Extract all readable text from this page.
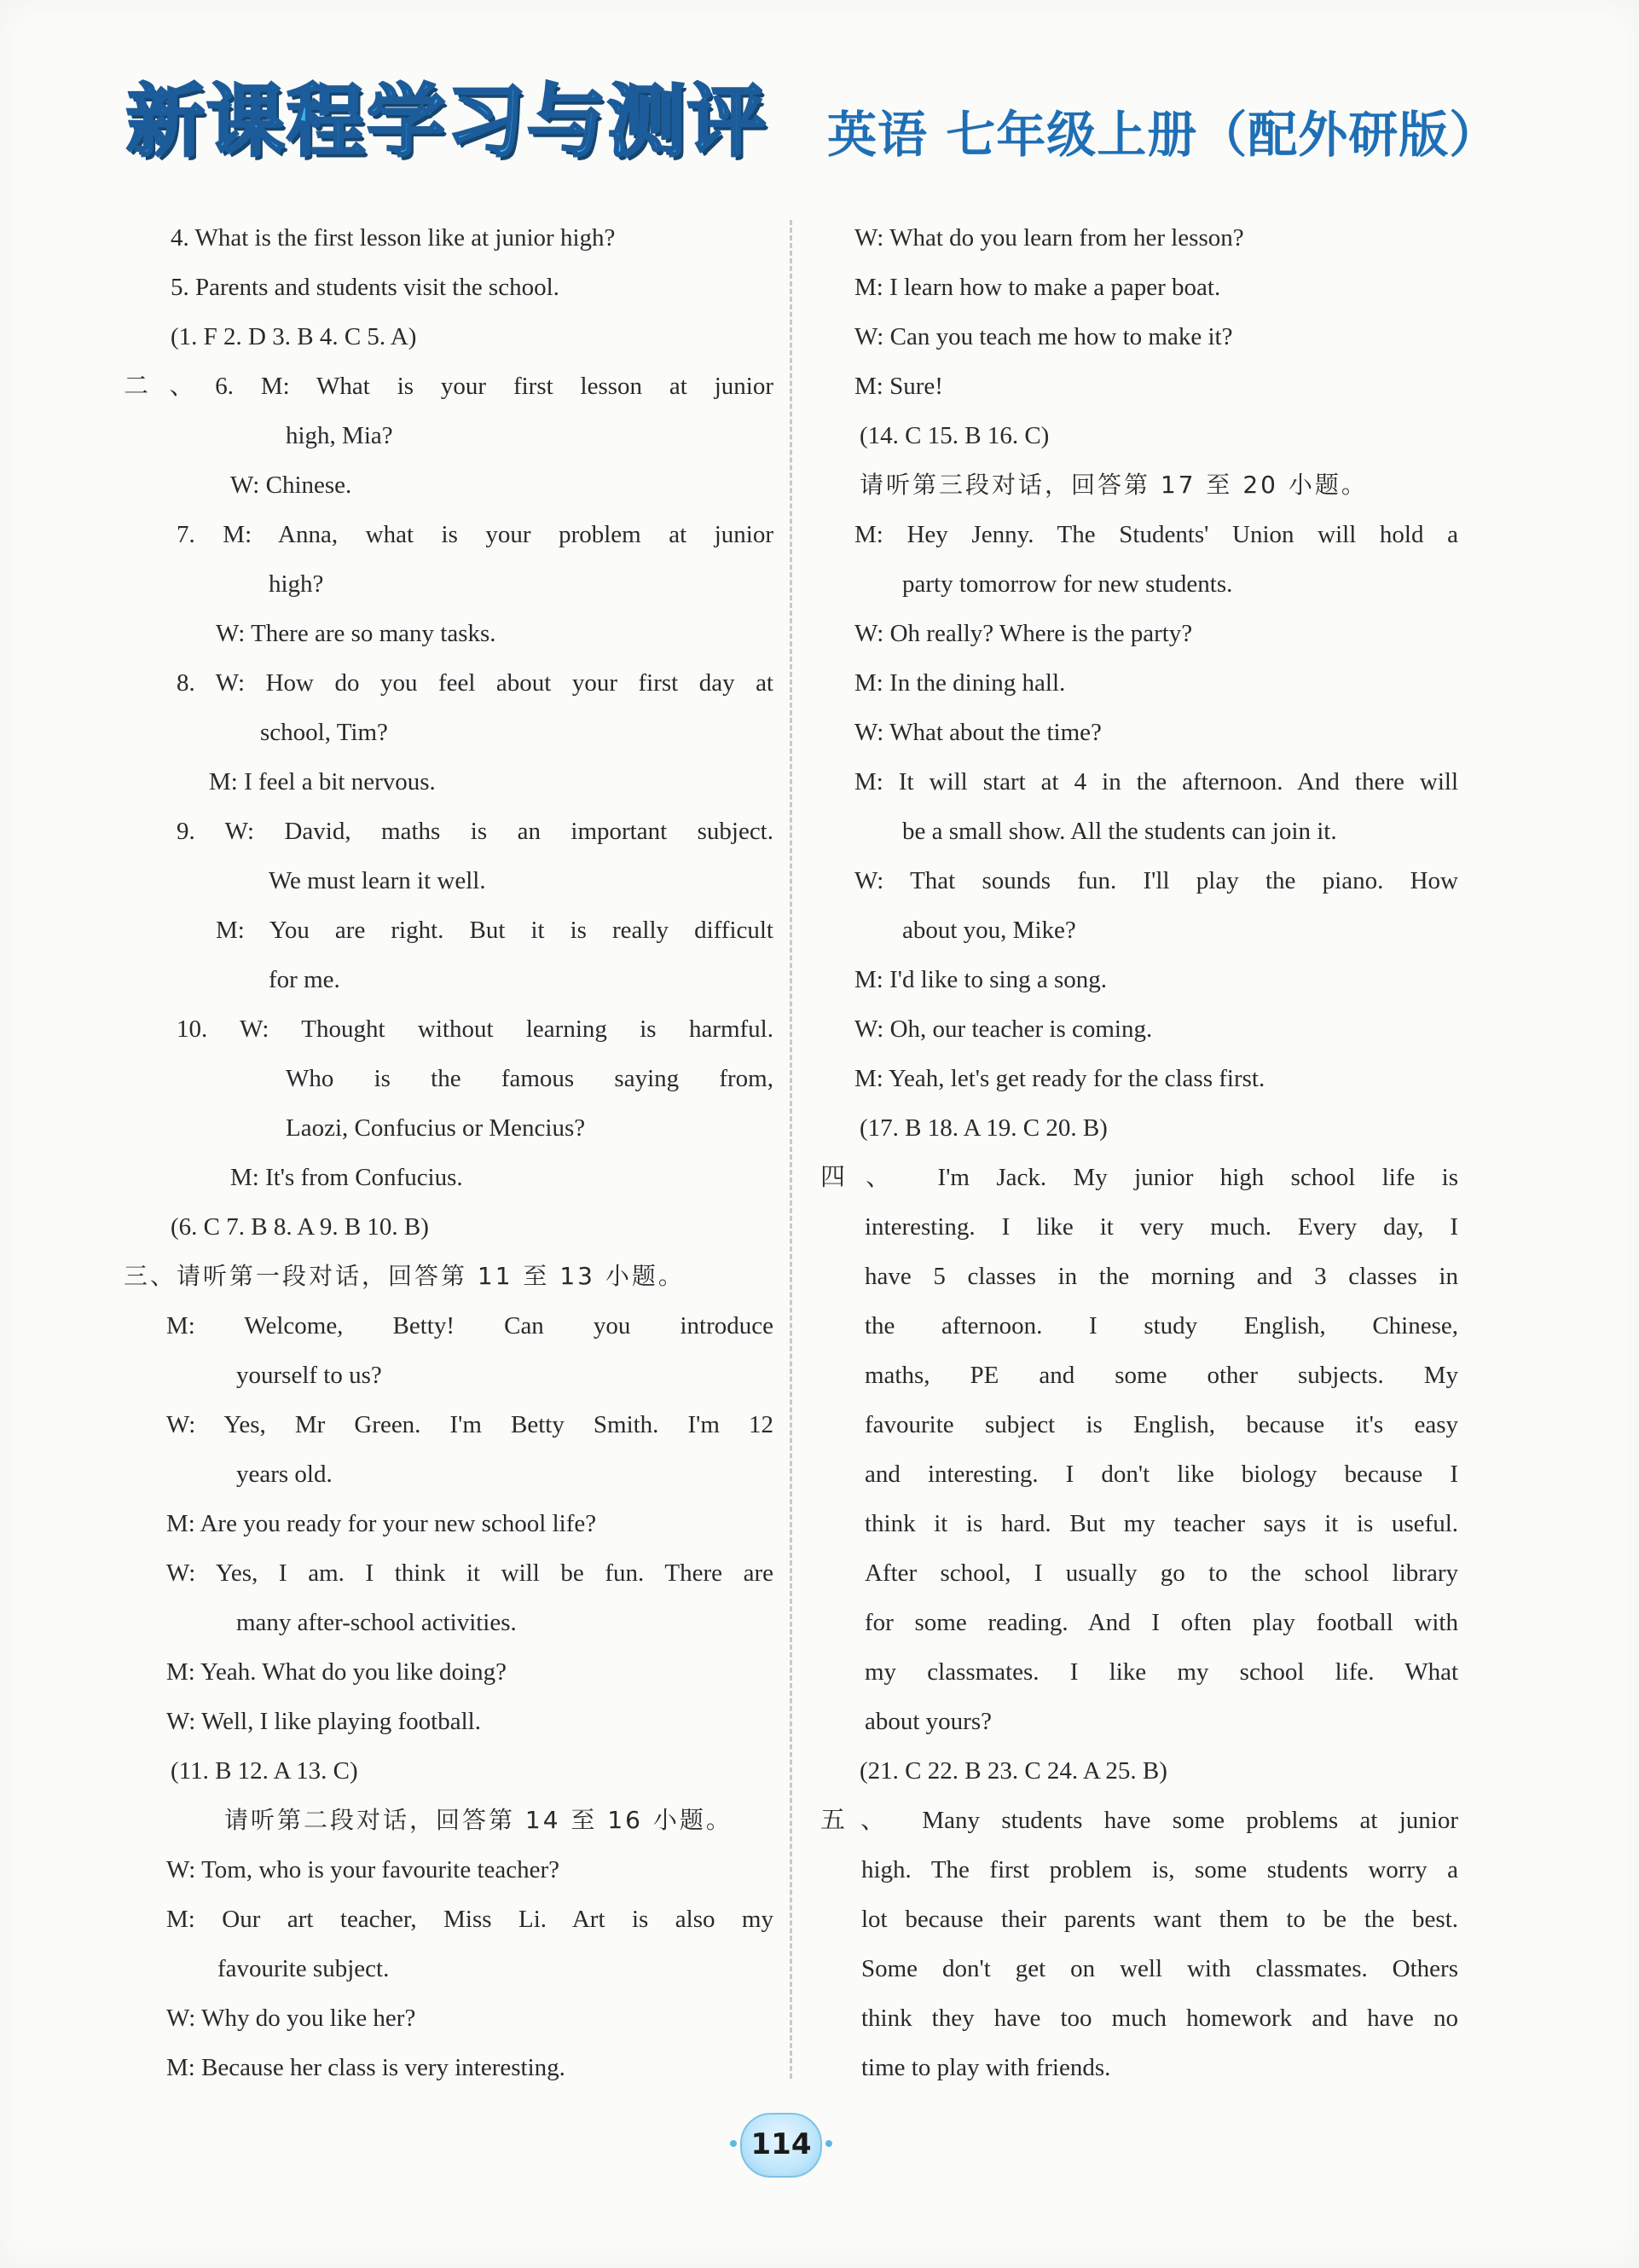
新课程学习与测评 英语 七年级上册（配外研版）
4. What is the first lesson like at junior high?
5. Parents and students visit the school.
(1. F 2. D 3. B 4. C 5. A)
二、6. M: What is your first lesson at junior
high, Mia?
W: Chinese.
7. M: Anna, what is your problem at junior
high?
W: There are so many tasks.
8. W: How do you feel about your first day at
school, Tim?
M: I feel a bit nervous.
9. W: David, maths is an important subject.
We must learn it well.
M: You are right. But it is really difficult
for me.
10. W: Thought without learning is harmful.
Who is the famous saying from,
Laozi, Confucius or Mencius?
M: It's from Confucius.
(6. C 7. B 8. A 9. B 10. B)
三、请听第一段对话，回答第 11 至 13 小题。
M: Welcome, Betty! Can you introduce
yourself to us?
W: Yes, Mr Green. I'm Betty Smith. I'm 12
years old.
M: Are you ready for your new school life?
W: Yes, I am. I think it will be fun. There are
many after-school activities.
M: Yeah. What do you like doing?
W: Well, I like playing football.
(11. B 12. A 13. C)
请听第二段对话，回答第 14 至 16 小题。
W: Tom, who is your favourite teacher?
M: Our art teacher, Miss Li. Art is also my
favourite subject.
W: Why do you like her?
M: Because her class is very interesting.
W: What do you learn from her lesson?
M: I learn how to make a paper boat.
W: Can you teach me how to make it?
M: Sure!
(14. C 15. B 16. C)
请听第三段对话，回答第 17 至 20 小题。
M: Hey Jenny. The Students' Union will hold a
party tomorrow for new students.
W: Oh really? Where is the party?
M: In the dining hall.
W: What about the time?
M: It will start at 4 in the afternoon. And there will
be a small show. All the students can join it.
W: That sounds fun. I'll play the piano. How
about you, Mike?
M: I'd like to sing a song.
W: Oh, our teacher is coming.
M: Yeah, let's get ready for the class first.
(17. B 18. A 19. C 20. B)
四、 I'm Jack. My junior high school life is
interesting. I like it very much. Every day, I
have 5 classes in the morning and 3 classes in
the afternoon. I study English, Chinese,
maths, PE and some other subjects. My
favourite subject is English, because it's easy
and interesting. I don't like biology because I
think it is hard. But my teacher says it is useful.
After school, I usually go to the school library
for some reading. And I often play football with
my classmates. I like my school life. What
about yours?
(21. C 22. B 23. C 24. A 25. B)
五、 Many students have some problems at junior
high. The first problem is, some students worry a
lot because their parents want them to be the best.
Some don't get on well with classmates. Others
think they have too much homework and have no
time to play with friends.
114
